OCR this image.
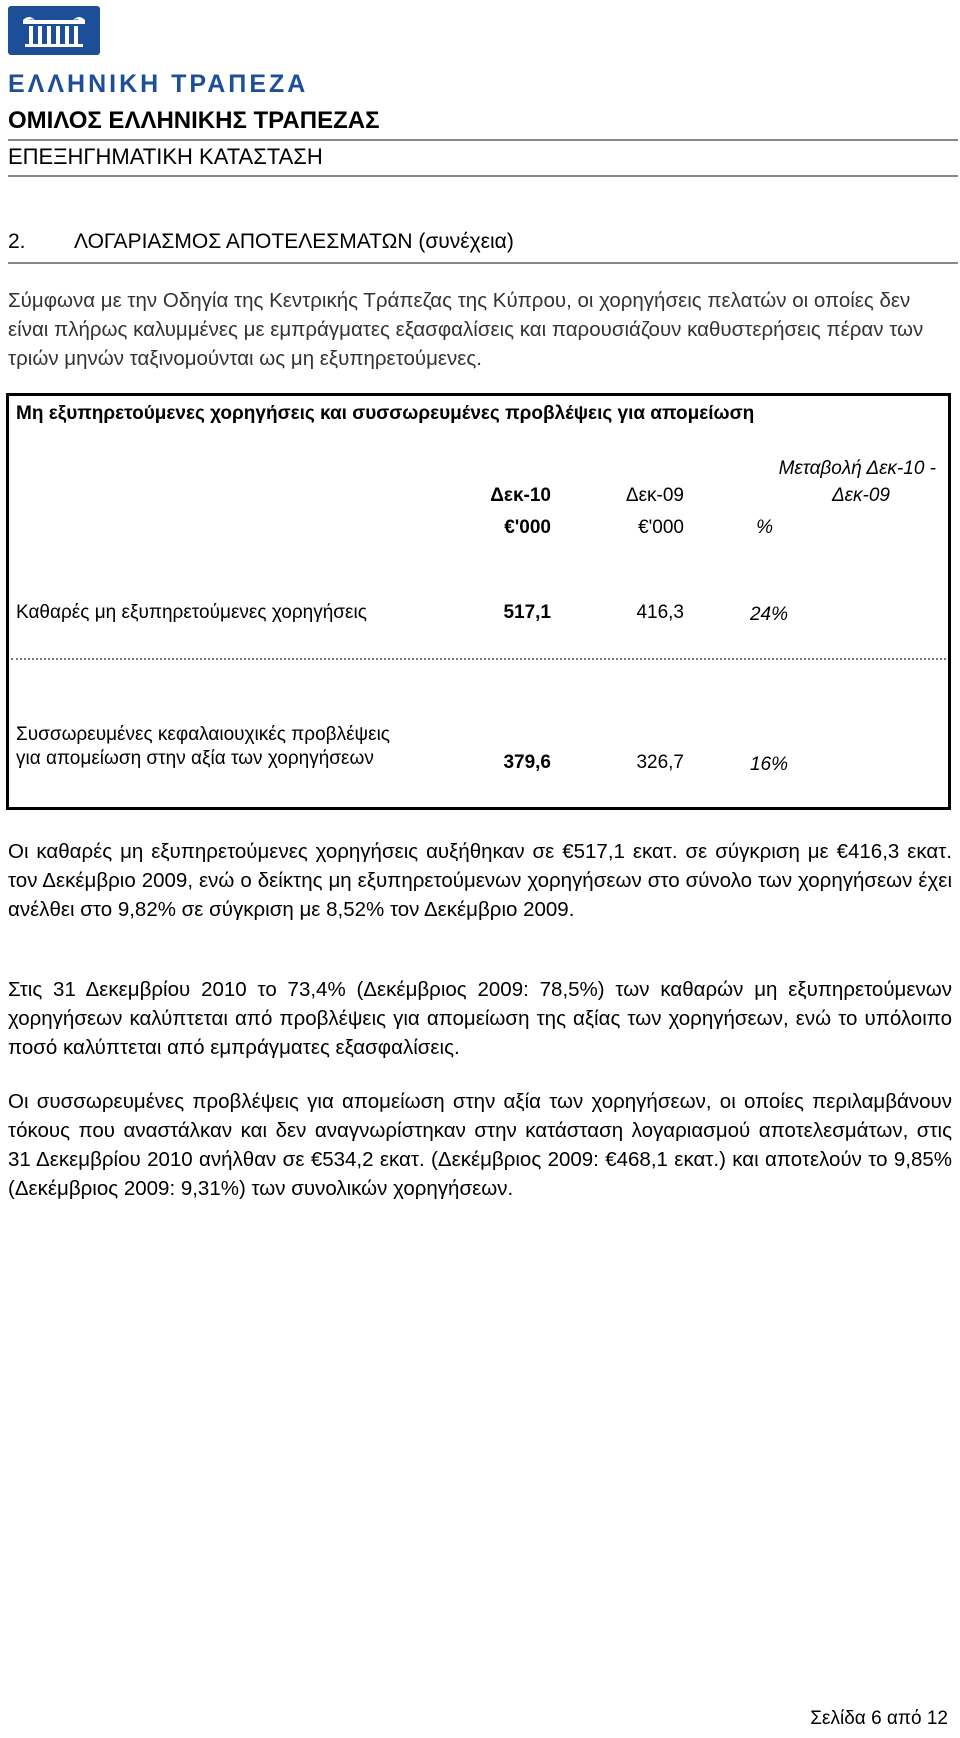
ΕΛΛΗΝΙΚΗ ΤΡΑΠΕΖΑ
ΟΜΙΛΟΣ ΕΛΛΗΝΙΚΗΣ ΤΡΑΠΕΖΑΣ
ΕΠΕΞΗΓΗΜΑΤΙΚΗ ΚΑΤΑΣΤΑΣΗ
2. ΛΟΓΑΡΙΑΣΜΟΣ ΑΠΟΤΕΛΕΣΜΑΤΩΝ (συνέχεια)

Σύμφωνα με την Οδηγία της Κεντρικής Τράπεζας της Κύπρου, οι χορηγήσεις πελατών οι οποίες δεν είναι πλήρως καλυμμένες με εμπράγματες εξασφαλίσεις και παρουσιάζουν καθυστερήσεις πέραν των τριών μηνών ταξινομούνται ως μη εξυπηρετούμενες.

Μη εξυπηρετούμενες χορηγήσεις και συσσωρευμένες προβλέψεις για απομείωση
Δεκ-10	Δεκ-09
Μεταβολή Δεκ-10 -
Δεκ-09
€'000	€'000	%
Καθαρές μη εξυπηρετούμενες χορηγήσεις	517,1	416,3	24%
Συσσωρευμένες κεφαλαιουχικές προβλέψεις
για απομείωση στην αξία των χορηγήσεων	379,6	326,7	16%

Οι καθαρές μη εξυπηρετούμενες χορηγήσεις αυξήθηκαν σε €517,1 εκατ. σε σύγκριση με €416,3 εκατ. τον Δεκέμβριο 2009, ενώ ο δείκτης μη εξυπηρετούμενων χορηγήσεων στο σύνολο των χορηγήσεων έχει ανέλθει στο 9,82% σε σύγκριση με 8,52% τον Δεκέμβριο 2009.

Στις 31 Δεκεμβρίου 2010 το 73,4% (Δεκέμβριος 2009: 78,5%) των καθαρών μη εξυπηρετούμενων χορηγήσεων καλύπτεται από προβλέψεις για απομείωση της αξίας των χορηγήσεων, ενώ το υπόλοιπο ποσό καλύπτεται από εμπράγματες εξασφαλίσεις.

Οι συσσωρευμένες προβλέψεις για απομείωση στην αξία των χορηγήσεων, οι οποίες περιλαμβάνουν τόκους που αναστάλκαν και δεν αναγνωρίστηκαν στην κατάσταση λογαριασμού αποτελεσμάτων, στις 31 Δεκεμβρίου 2010 ανήλθαν σε €534,2 εκατ. (Δεκέμβριος 2009: €468,1 εκατ.) και αποτελούν το 9,85% (Δεκέμβριος 2009: 9,31%) των συνολικών χορηγήσεων.

Σελίδα 6 από 12
